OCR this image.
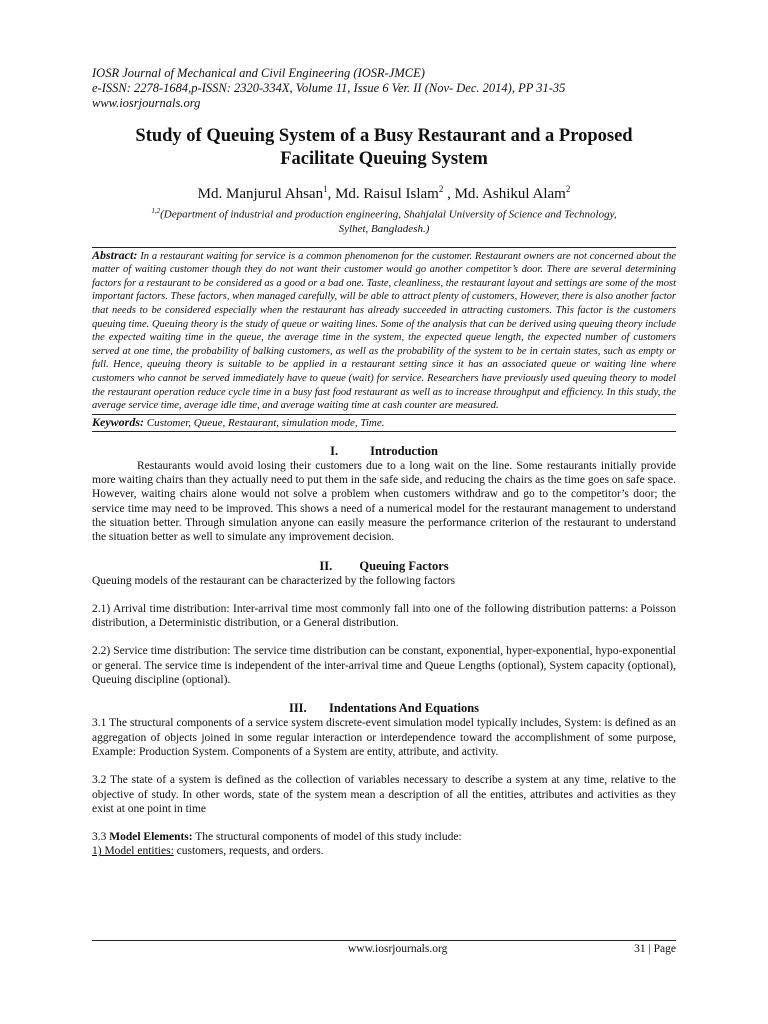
IOSR Journal of Mechanical and Civil Engineering (IOSR-JMCE)
e-ISSN: 2278-1684,p-ISSN: 2320-334X, Volume 11, Issue 6 Ver. II (Nov- Dec. 2014), PP 31-35
www.iosrjournals.org
Study of Queuing System of a Busy Restaurant and a Proposed
Facilitate Queuing System
Md. Manjurul Ahsan$^1$, Md. Raisul Islam$^2$ , Md. Ashikul Alam$^2$
$^{1,2}$(Department of industrial and production engineering, Shahjalal University of Science and Technology,
Sylhet, Bangladesh.)
Abstract: In a restaurant waiting for service is a common phenomenon for the customer. Restaurant owners are not concerned about the matter of waiting customer though they do not want their customer would go another competitor’s door. There are several determining factors for a restaurant to be considered as a good or a bad one. Taste, cleanliness, the restaurant layout and settings are some of the most important factors. These factors, when managed carefully, will be able to attract plenty of customers, However, there is also another factor that needs to be considered especially when the restaurant has already succeeded in attracting customers. This factor is the customers queuing time. Queuing theory is the study of queue or waiting lines. Some of the analysis that can be derived using queuing theory include the expected waiting time in the queue, the average time in the system, the expected queue length, the expected number of customers served at one time, the probability of balking customers, as well as the probability of the system to be in certain states, such as empty or full. Hence, queuing theory is suitable to be applied in a restaurant setting since it has an associated queue or waiting line where customers who cannot be served immediately have to queue (wait) for service. Researchers have previously used queuing theory to model the restaurant operation reduce cycle time in a busy fast food restaurant as well as to increase throughput and efficiency. In this study, the average service time, average idle time, and average waiting time at cash counter are measured.
Keywords: Customer, Queue, Restaurant, simulation mode, Time.
I.	Introduction

Restaurants would avoid losing their customers due to a long wait on the line. Some restaurants initially provide more waiting chairs than they actually need to put them in the safe side, and reducing the chairs as the time goes on safe space. However, waiting chairs alone would not solve a problem when customers withdraw and go to the competitor’s door; the service time may need to be improved. This shows a need of a numerical model for the restaurant management to understand the situation better. Through simulation anyone can easily measure the performance criterion of the restaurant to understand the situation better as well to simulate any improvement decision.

II. Queuing Factors

Queuing models of the restaurant can be characterized by the following factors

2.1) Arrival time distribution: Inter-arrival time most commonly fall into one of the following distribution patterns: a Poisson distribution, a Deterministic distribution, or a General distribution.

2.2) Service time distribution: The service time distribution can be constant, exponential, hyper-exponential, hypo-exponential or general. The service time is independent of the inter-arrival time and Queue Lengths (optional), System capacity (optional), Queuing discipline (optional).

III. Indentations And Equations

3.1 The structural components of a service system discrete-event simulation model typically includes, System: is defined as an aggregation of objects joined in some regular interaction or interdependence toward the accomplishment of some purpose, Example: Production System. Components of a System are entity, attribute, and activity.

3.2 The state of a system is defined as the collection of variables necessary to describe a system at any time, relative to the objective of study. In other words, state of the system mean a description of all the entities, attributes and activities as they exist at one point in time

3.3 Model Elements: The structural components of model of this study include:

1) Model entities: customers, requests, and orders.

www.iosrjournals.org	31 | Page
